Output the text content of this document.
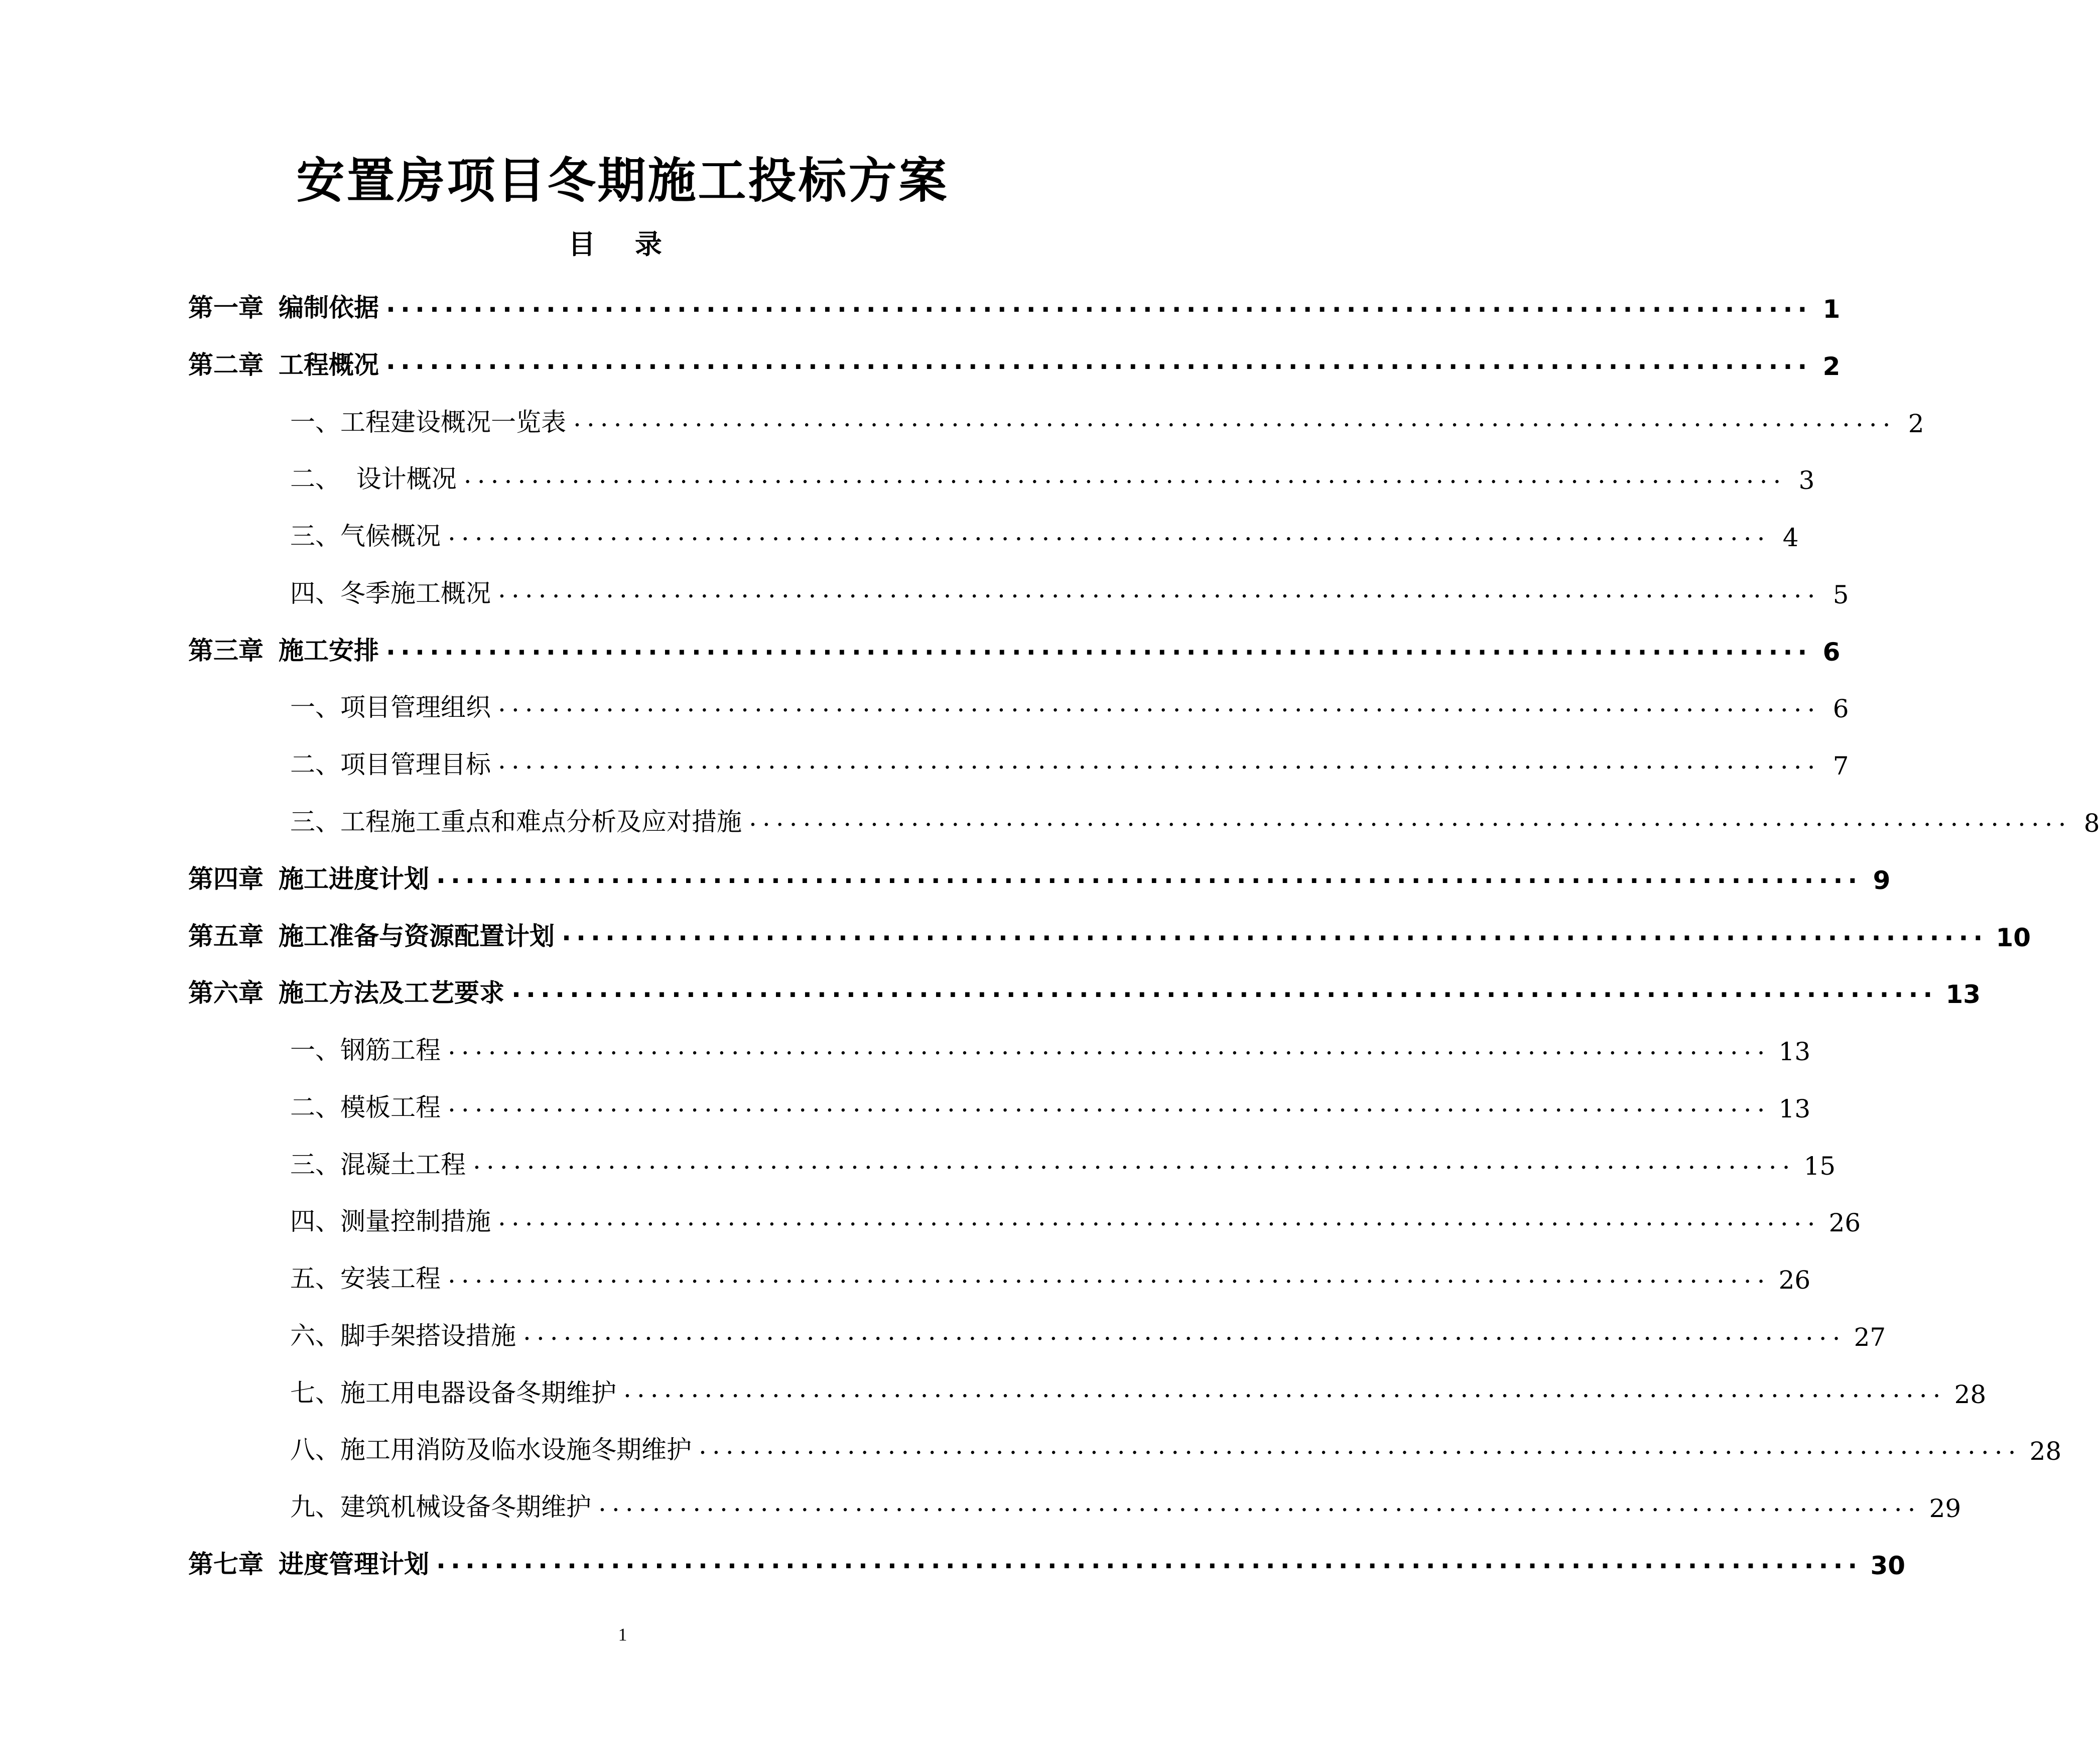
安置房项目冬期施工投标方案
目 录
第一章 编制依据 .................................................................................................. 1
第二章 工程概况 .................................................................................................. 2
一、工程建设概况一览表 .................................................................................................. 2
二、  设计概况 .................................................................................................. 3
三、气候概况 .................................................................................................. 4
四、冬季施工概况 .................................................................................................. 5
第三章 施工安排 .................................................................................................. 6
一、项目管理组织 .................................................................................................. 6
二、项目管理目标 .................................................................................................. 7
三、工程施工重点和难点分析及应对措施 .................................................................................................. 8
第四章 施工进度计划 .................................................................................................. 9
第五章 施工准备与资源配置计划 .................................................................................................. 10
第六章 施工方法及工艺要求 .................................................................................................. 13
一、钢筋工程 .................................................................................................. 13
二、模板工程 .................................................................................................. 13
三、混凝土工程 .................................................................................................. 15
四、测量控制措施 .................................................................................................. 26
五、安装工程 .................................................................................................. 26
六、脚手架搭设措施 .................................................................................................. 27
七、施工用电器设备冬期维护 .................................................................................................. 28
八、施工用消防及临水设施冬期维护 .................................................................................................. 28
九、建筑机械设备冬期维护 .................................................................................................. 29
第七章 进度管理计划 .................................................................................................. 30
1
